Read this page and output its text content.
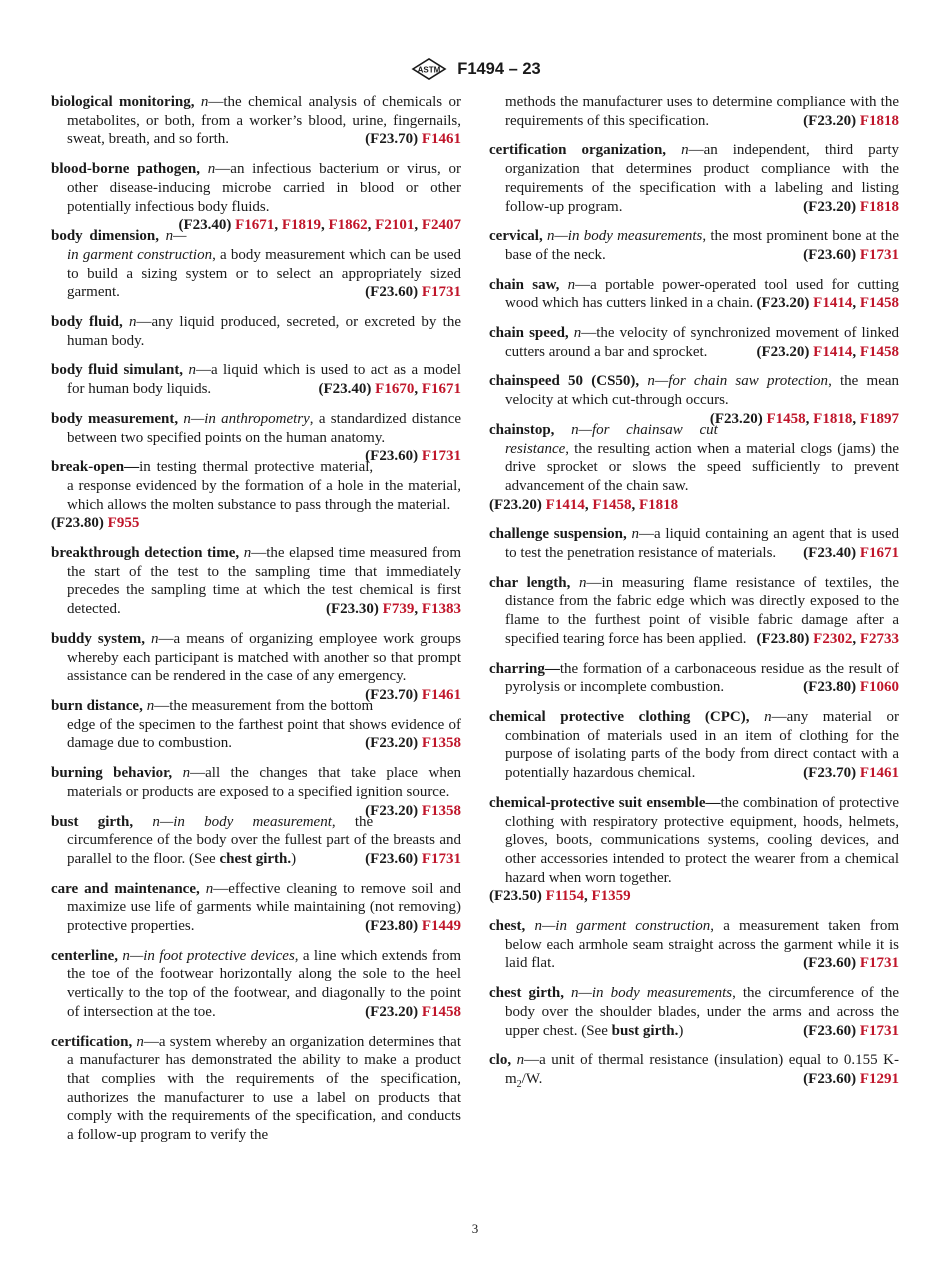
ASTM F1494 – 23

biological monitoring, n—the chemical analysis of chemicals or metabolites, or both, from a worker’s blood, urine, fingernails, sweat, breath, and so forth.	(F23.70) F1461

blood-borne pathogen, n—an infectious bacterium or virus, or other disease-inducing microbe carried in blood or other potentially infectious body fluids.
(F23.40) F1671, F1819, F1862, F2101, F2407

body dimension, n—in garment construction, a body measurement which can be used to build a sizing system or to select an appropriately sized garment.	(F23.60) F1731

body fluid, n—any liquid produced, secreted, or excreted by the human body.

body fluid simulant, n—a liquid which is used to act as a model for human body liquids.	(F23.40) F1670, F1671

body measurement, n—in anthropometry, a standardized distance between two specified points on the human anatomy.
(F23.60) F1731

break-open—in testing thermal protective material, a response evidenced by the formation of a hole in the material, which allows the molten substance to pass through the material.
(F23.80) F955

breakthrough detection time, n—the elapsed time measured from the start of the test to the sampling time that immediately precedes the sampling time at which the test chemical is first detected.	(F23.30) F739, F1383

buddy system, n—a means of organizing employee work groups whereby each participant is matched with another so that prompt assistance can be rendered in the case of any emergency.
(F23.70) F1461

burn distance, n—the measurement from the bottom edge of the specimen to the farthest point that shows evidence of damage due to combustion.	(F23.20) F1358

burning behavior, n—all the changes that take place when materials or products are exposed to a specified ignition source.
(F23.20) F1358

bust girth, n—in body measurement, the circumference of the body over the fullest part of the breasts and parallel to the floor. (See chest girth.)	(F23.60) F1731

care and maintenance, n—effective cleaning to remove soil and maximize use life of garments while maintaining (not removing) protective properties.	(F23.80) F1449

centerline, n—in foot protective devices, a line which extends from the toe of the footwear horizontally along the sole to the heel vertically to the top of the footwear, and diagonally to the point of intersection at the toe.	(F23.20) F1458

certification, n—a system whereby an organization determines that a manufacturer has demonstrated the ability to make a product that complies with the requirements of the specification, authorizes the manufacturer to use a label on products that comply with the requirements of the specification, and conducts a follow-up program to verify the

methods the manufacturer uses to determine compliance with the requirements of this specification.	(F23.20) F1818

certification organization, n—an independent, third party organization that determines product compliance with the requirements of the specification with a labeling and listing follow-up program.	(F23.20) F1818

cervical, n—in body measurements, the most prominent bone at the base of the neck.	(F23.60) F1731

chain saw, n—a portable power-operated tool used for cutting wood which has cutters linked in a chain. (F23.20) F1414, F1458

chain speed, n—the velocity of synchronized movement of linked cutters around a bar and sprocket.	(F23.20) F1414, F1458

chainspeed 50 (CS50), n—for chain saw protection, the mean velocity at which cut-through occurs.
(F23.20) F1458, F1818, F1897

chainstop, n—for chainsaw cut resistance, the resulting action when a material clogs (jams) the drive sprocket or slows the speed sufficiently to prevent advancement of the chain saw.
(F23.20) F1414, F1458, F1818

challenge suspension, n—a liquid containing an agent that is used to test the penetration resistance of materials. (F23.40) F1671

char length, n—in measuring flame resistance of textiles, the distance from the fabric edge which was directly exposed to the flame to the furthest point of visible fabric damage after a specified tearing force has been applied. (F23.80) F2302, F2733

charring—the formation of a carbonaceous residue as the result of pyrolysis or incomplete combustion.	(F23.80) F1060

chemical protective clothing (CPC), n—any material or combination of materials used in an item of clothing for the purpose of isolating parts of the body from direct contact with a potentially hazardous chemical.	(F23.70) F1461

chemical-protective suit ensemble—the combination of protective clothing with respiratory protective equipment, hoods, helmets, gloves, boots, communications systems, cooling devices, and other accessories intended to protect the wearer from a chemical hazard when worn together.
(F23.50) F1154, F1359

chest, n—in garment construction, a measurement taken from below each armhole seam straight across the garment while it is laid flat.	(F23.60) F1731

chest girth, n—in body measurements, the circumference of the body over the shoulder blades, under the arms and across the upper chest. (See bust girth.)	(F23.60) F1731

clo, n—a unit of thermal resistance (insulation) equal to 0.155 $K-m_2/W$.	(F23.60) F1291

3
